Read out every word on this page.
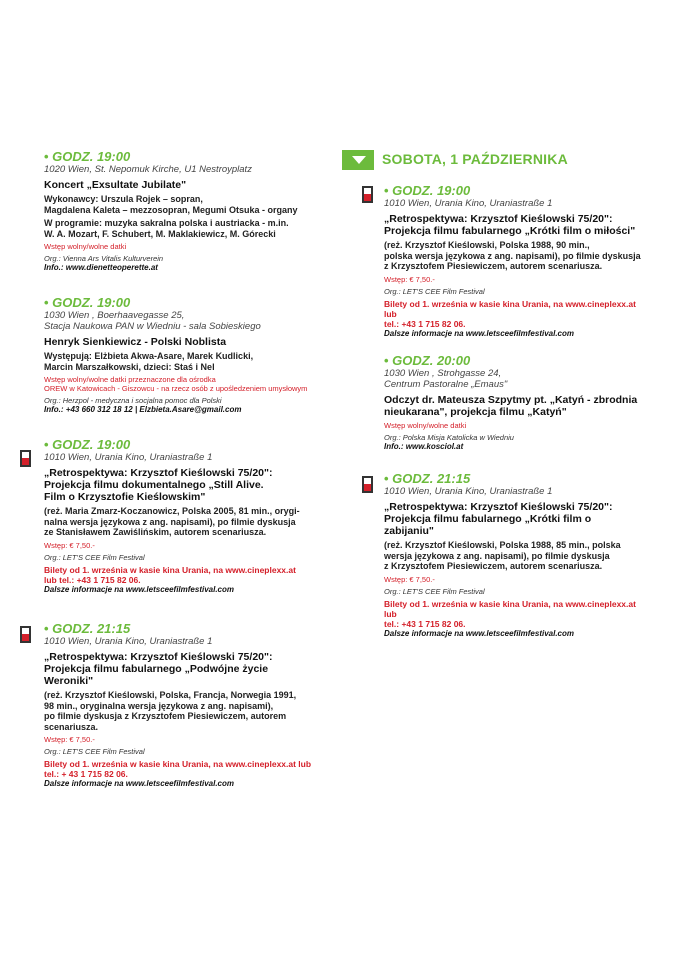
SOBOTA, 1 PAŹDZIERNIKA
• GODZ. 19:00
1020 Wien, St. Nepomuk Kirche, U1 Nestroyplatz
Koncert „Exsultate Jubilate"
Wykonawcy: Urszula Rojek – sopran,
Magdalena Kaleta – mezzosopran, Megumi Otsuka - organy
W programie: muzyka sakralna polska i austriacka - m.in.
W. A. Mozart, F. Schubert, M. Maklakiewicz, M. Górecki
Wstęp wolny/wolne datki
Org.: Vienna Ars Vitalis Kulturverein
Info.: www.dienetteoperette.at
• GODZ. 19:00
1030 Wien , Boerhaavegasse 25,
Stacja Naukowa PAN w Wiedniu - sala Sobieskiego
Henryk Sienkiewicz - Polski Noblista
Występują: Elżbieta Akwa-Asare, Marek Kudlicki,
Marcin Marszałkowski, dzieci: Staś i Nel
Wstęp wolny/wolne datki przeznaczone dla ośrodka
OREW w Katowicach - Giszowcu - na rzecz osób z upośledzeniem umysłowym
Org.: Herzpol - medyczna i socjalna pomoc dla Polski
Info.: +43 660 312 18 12 | Elzbieta.Asare@gmail.com
• GODZ. 19:00
1010 Wien, Urania Kino, Uraniastraße 1
„Retrospektywa: Krzysztof Kieślowski 75/20":
Projekcja filmu dokumentalnego „Still Alive.
Film o Krzysztofie Kieślowskim"
(reż. Maria Zmarz-Koczanowicz, Polska 2005, 81 min., orygi-
nalna wersja językowa z ang. napisami), po filmie dyskusja
ze Stanisławem Zawiślińskim, autorem scenariusza.
Wstęp: € 7,50.-
Org.: LET'S CEE Film Festival
Bilety od 1. września w kasie kina Urania, na www.cineplexx.at
lub tel.: +43 1 715 82 06.
Dalsze informacje na www.letsceefilmfestival.com
• GODZ. 21:15
1010 Wien, Urania Kino, Uraniastraße 1
„Retrospektywa: Krzysztof Kieślowski 75/20":
Projekcja filmu fabularnego „Podwójne życie Weroniki"
(reż. Krzysztof Kieślowski, Polska, Francja, Norwegia 1991,
98 min., oryginalna wersja językowa z ang. napisami),
po filmie dyskusja z Krzysztofem Piesiewiczem, autorem
scenariusza.
Wstęp: € 7,50.-
Org.: LET'S CEE Film Festival
Bilety od 1. września w kasie kina Urania, na www.cineplexx.at lub
tel.: + 43 1 715 82 06.
Dalsze informacje na www.letsceefilmfestival.com
• GODZ. 19:00
1010 Wien, Urania Kino, Uraniastraße 1
„Retrospektywa: Krzysztof Kieślowski 75/20":
Projekcja filmu fabularnego „Krótki film o miłości"
(reż. Krzysztof Kieślowski, Polska 1988, 90 min.,
polska wersja językowa z ang. napisami), po filmie dyskusja
z Krzysztofem Piesiewiczem, autorem scenariusza.
Wstęp: € 7,50.-
Org.: LET'S CEE Film Festival
Bilety od 1. września w kasie kina Urania, na www.cineplexx.at lub
tel.: +43 1 715 82 06.
Dalsze informacje na www.letsceefilmfestival.com
• GODZ. 20:00
1030 Wien , Strohgasse 24,
Centrum Pastoralne „Emaus"
Odczyt dr. Mateusza Szpytmy pt. „Katyń - zbrodnia
nieukarana", projekcja filmu „Katyń"
Wstęp wolny/wolne datki
Org.: Polska Misja Katolicka w Wiedniu
Info.: www.kosciol.at
• GODZ. 21:15
1010 Wien, Urania Kino, Uraniastraße 1
„Retrospektywa: Krzysztof Kieślowski 75/20":
Projekcja filmu fabularnego „Krótki film o zabijaniu"
(reż. Krzysztof Kieślowski, Polska 1988, 85 min., polska
wersja językowa z ang. napisami), po filmie dyskusja
z Krzysztofem Piesiewiczem, autorem scenariusza.
Wstęp: € 7,50.-
Org.: LET'S CEE Film Festival
Bilety od 1. września w kasie kina Urania, na www.cineplexx.at lub
tel.: +43 1 715 82 06.
Dalsze informacje na www.letsceefilmfestival.com
